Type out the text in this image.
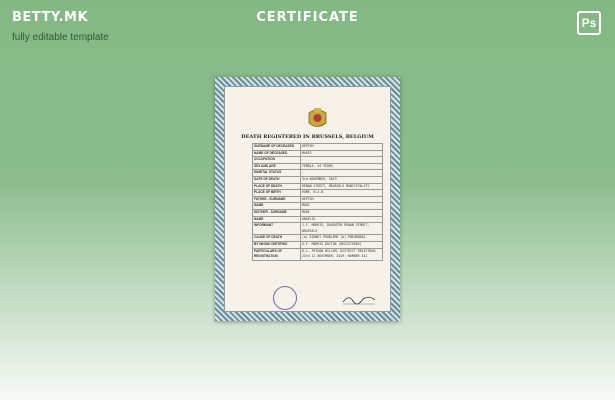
BETTY.MK
fully editable template
CERTIFICATE	Ps
DEATH REGISTERED IN BRUSSELS, BELGIUM
SURNAME OF DECEASED	DEPTOH
NAME OF DECEASED	MARIE
OCCUPATION	-
SEX AND AGE	FEMALE, 44 YEARS
MARITAL STATUS	-
DATE OF DEATH	3rd NOVEMBER, 2019
PLACE OF DEATH	RENAN STREET, BRUSSELS MUNICIPALITY
PLACE OF BIRTH	ROME, N.A.B.
FATHER - SURNAME	DEPTOH
NAME	MARC
MOTHER - SURNAME	MARE
NAME	ANGELIE
INFORMANT	J.F. MORRIS, DAUGHTER RENAN STREET, BRUSSELS
CAUSE OF DEATH	(a) KIDNEY PROBLEMS (b) PNEUMONIA
BY WHOM CERTIFIED	G.F. MORRIS DOCTOR (REGISTERED)
PARTICULARS OF REGISTRATION	D.L. PETHAN WILLEM, DISTRICT REGISTRAR; 23rd 11 NOVEMBER, 2019; NUMBER 441
